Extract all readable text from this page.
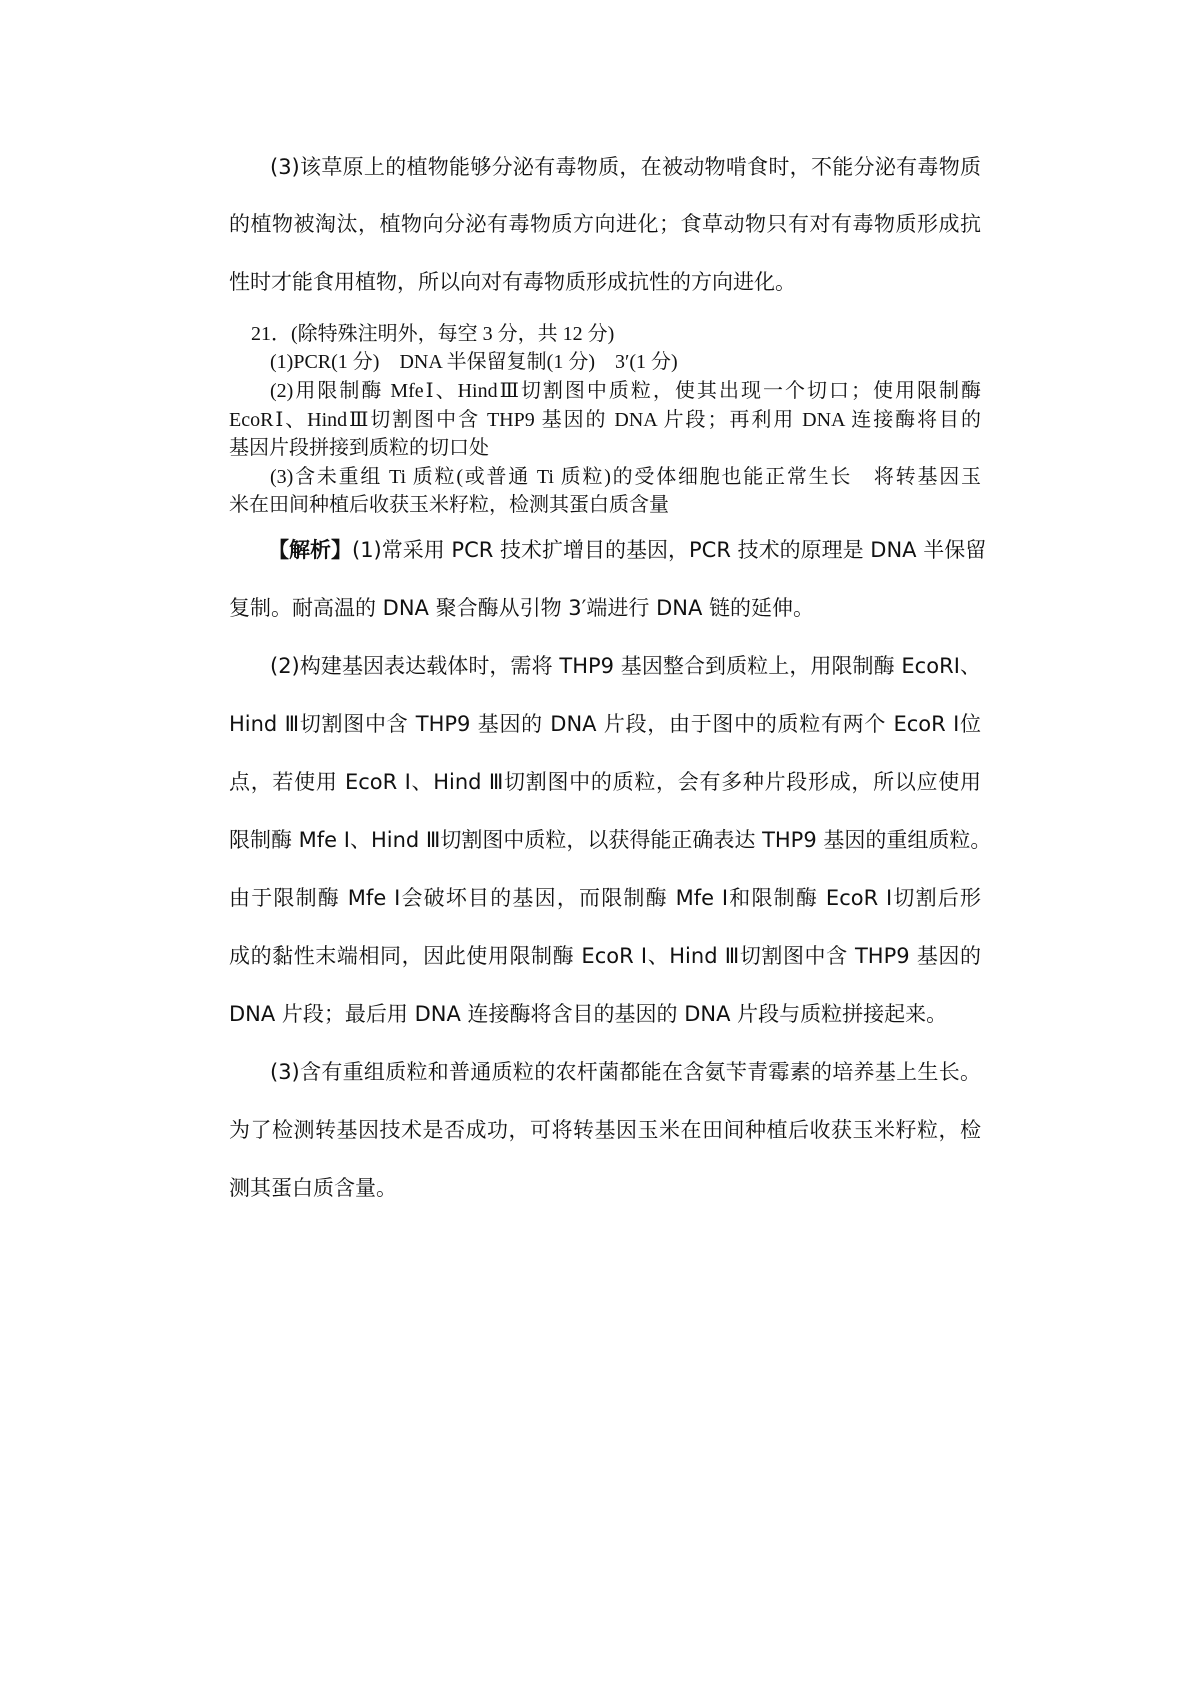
(3)该草原上的植物能够分泌有毒物质，在被动物啃食时，不能分泌有毒物质
的植物被淘汰，植物向分泌有毒物质方向进化；食草动物只有对有毒物质形成抗
性时才能食用植物，所以向对有毒物质形成抗性的方向进化。
21．(除特殊注明外，每空 3 分，共 12 分)
(1)PCR(1 分)　DNA 半保留复制(1 分)　3′(1 分)
(2)用限制酶 MfeⅠ、HindⅢ切割图中质粒，使其出现一个切口；使用限制酶
EcoRⅠ、HindⅢ切割图中含 THP9 基因的 DNA 片段；再利用 DNA 连接酶将目的
基因片段拼接到质粒的切口处
(3)含未重组 Ti 质粒(或普通 Ti 质粒)的受体细胞也能正常生长　将转基因玉
米在田间种植后收获玉米籽粒，检测其蛋白质含量
【解析】(1)常采用 PCR 技术扩增目的基因，PCR 技术的原理是 DNA 半保留
复制。耐高温的 DNA 聚合酶从引物 3′端进行 DNA 链的延伸。
(2)构建基因表达载体时，需将 THP9 基因整合到质粒上，用限制酶 EcoRⅠ、
Hind Ⅲ切割图中含 THP9 基因的 DNA 片段，由于图中的质粒有两个 EcoR Ⅰ位
点，若使用 EcoR Ⅰ、Hind Ⅲ切割图中的质粒，会有多种片段形成，所以应使用
限制酶 Mfe Ⅰ、Hind Ⅲ切割图中质粒，以获得能正确表达 THP9 基因的重组质粒。
由于限制酶 Mfe Ⅰ会破坏目的基因，而限制酶 Mfe Ⅰ和限制酶 EcoR Ⅰ切割后形
成的黏性末端相同，因此使用限制酶 EcoR Ⅰ、Hind Ⅲ切割图中含 THP9 基因的
DNA 片段；最后用 DNA 连接酶将含目的基因的 DNA 片段与质粒拼接起来。
(3)含有重组质粒和普通质粒的农杆菌都能在含氨苄青霉素的培养基上生长。
为了检测转基因技术是否成功，可将转基因玉米在田间种植后收获玉米籽粒，检
测其蛋白质含量。
